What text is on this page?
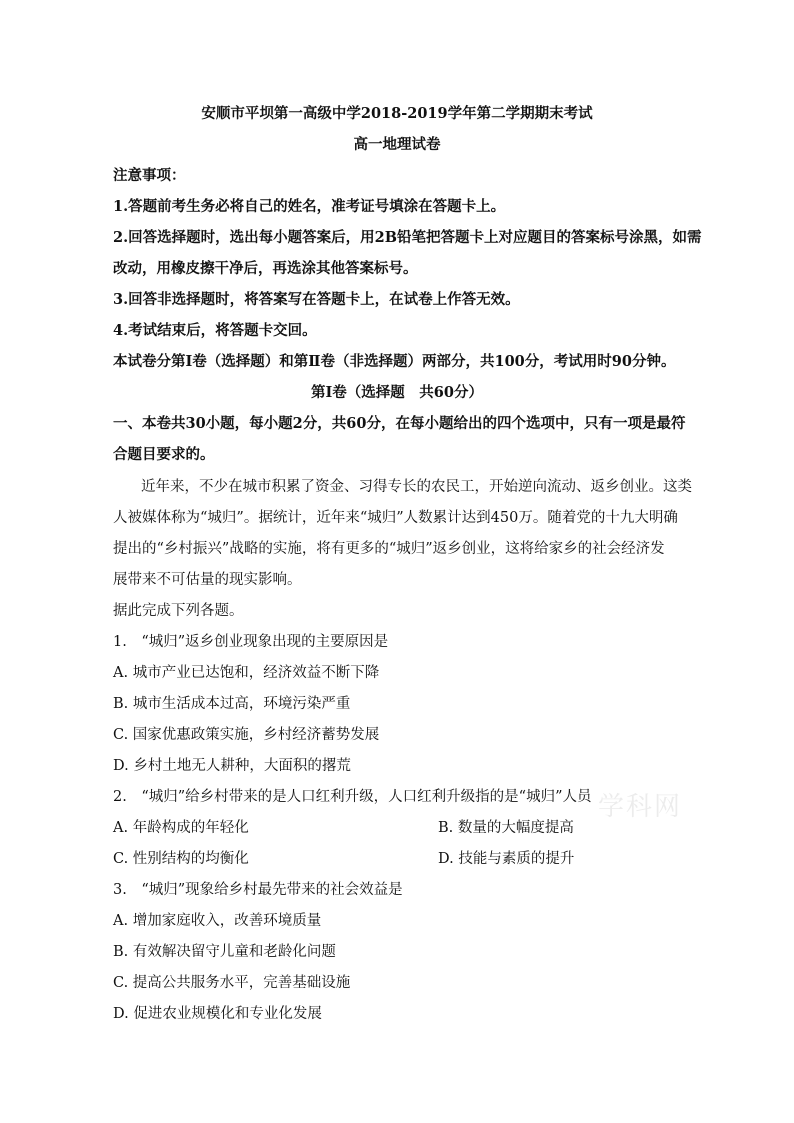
安顺市平坝第一高级中学2018-2019学年第二学期期末考试
高一地理试卷
注意事项：
1.答题前考生务必将自己的姓名，准考证号填涂在答题卡上。
2.回答选择题时，选出每小题答案后，用2B铅笔把答题卡上对应题目的答案标号涂黑，如需
改动，用橡皮擦干净后，再选涂其他答案标号。
3.回答非选择题时，将答案写在答题卡上，在试卷上作答无效。
4.考试结束后，将答题卡交回。
本试卷分第Ⅰ卷（选择题）和第Ⅱ卷（非选择题）两部分，共100分，考试用时90分钟。
第Ⅰ卷（选择题　共60分）
一、本卷共30小题，每小题2分，共60分，在每小题给出的四个选项中，只有一项是最符
合题目要求的。
近年来，不少在城市积累了资金、习得专长的农民工，开始逆向流动、返乡创业。这类
人被媒体称为“城归”。据统计，近年来“城归”人数累计达到450万。随着党的十九大明确
提出的“乡村振兴”战略的实施，将有更多的“城归”返乡创业，这将给家乡的社会经济发
展带来不可估量的现实影响。
据此完成下列各题。
1.　“城归”返乡创业现象出现的主要原因是
A. 城市产业已达饱和，经济效益不断下降
B. 城市生活成本过高，环境污染严重
C. 国家优惠政策实施，乡村经济蓄势发展
D. 乡村土地无人耕种，大面积的撂荒
2.　“城归”给乡村带来的是人口红利升级，人口红利升级指的是“城归”人员
A. 年龄构成的年轻化	B. 数量的大幅度提高
C. 性别结构的均衡化	D. 技能与素质的提升
3.　“城归”现象给乡村最先带来的社会效益是
A. 增加家庭收入，改善环境质量
B. 有效解决留守儿童和老龄化问题
C. 提高公共服务水平，完善基础设施
D. 促进农业规模化和专业化发展
学科网
